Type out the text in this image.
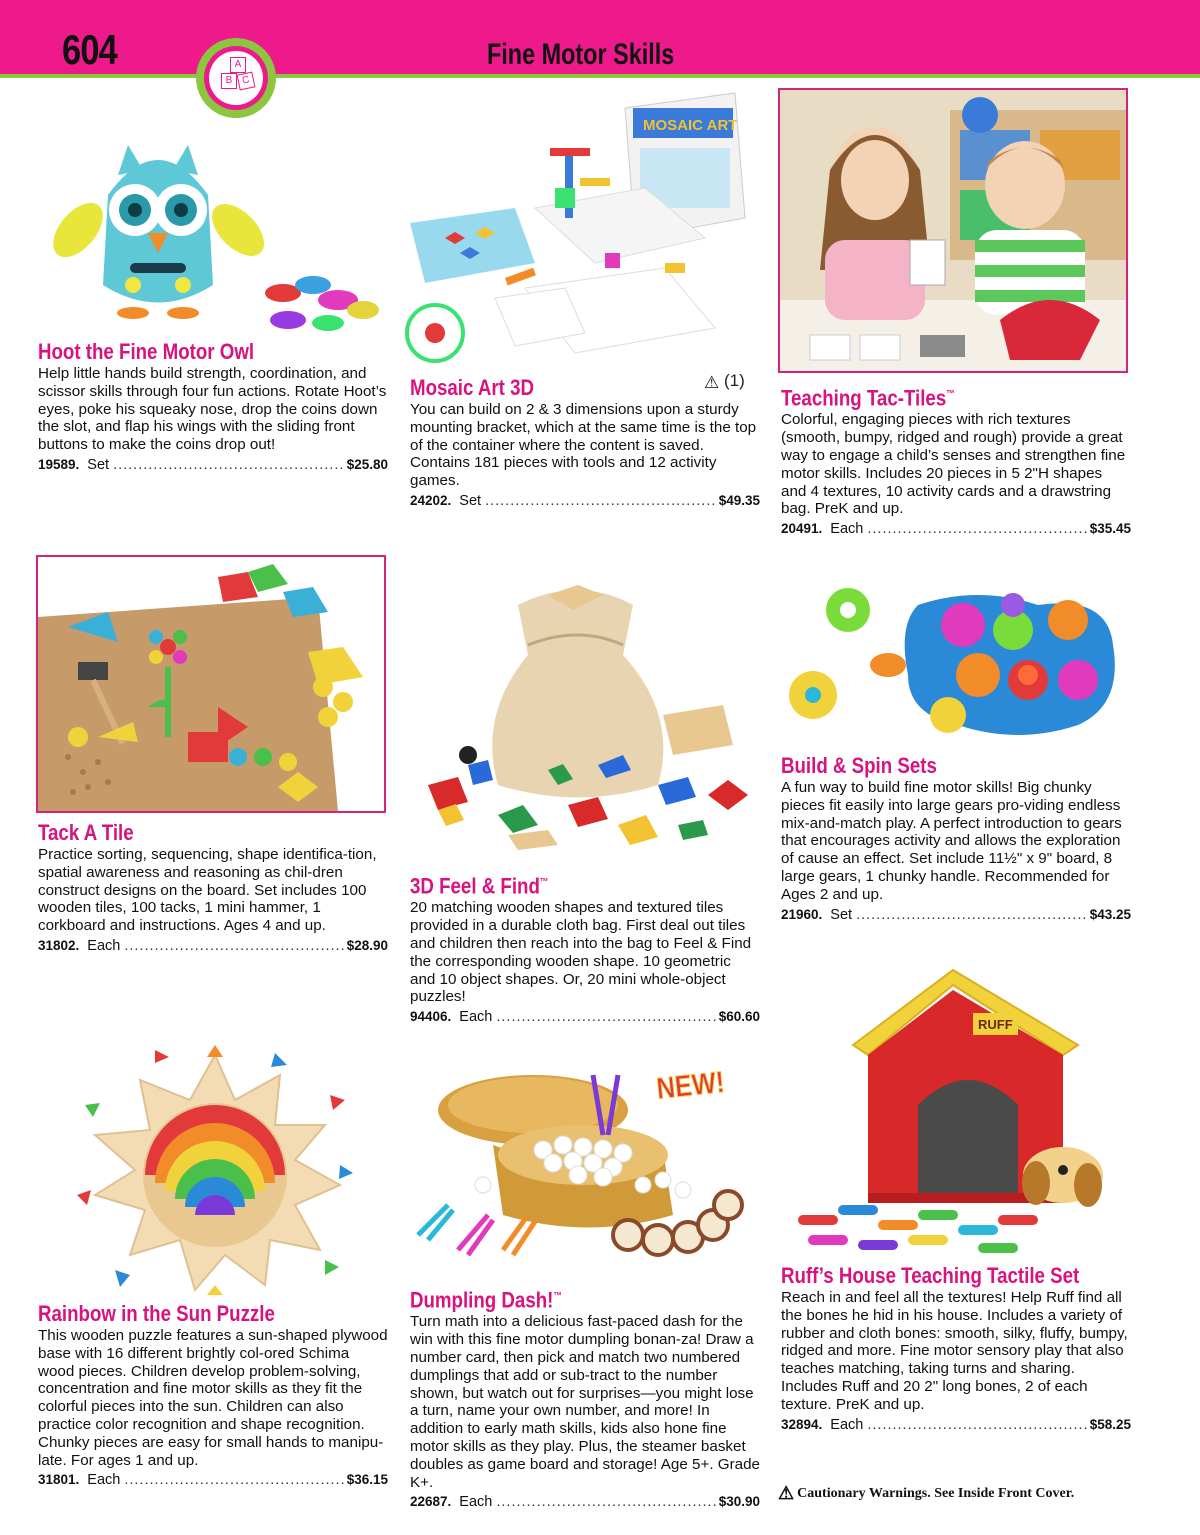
604	Fine Motor Skills
A
B C
Hoot the Fine Motor Owl
Help little hands build strength, coordination, and scissor skills through four fun actions. Rotate Hoot’s eyes, poke his squeaky nose, drop the coins down the slot, and flap his wings with the sliding front buttons to make the coins drop out!
19589. Set .....	$25.80
MOSAIC ART
⚠ (1)
Mosaic Art 3D
You can build on 2 & 3 dimensions upon a sturdy mounting bracket, which at the same time is the top of the container where the content is saved. Contains 181 pieces with tools and 12 activity games.
24202. Set .....	$49.35
Teaching Tac-Tiles™
Colorful, engaging pieces with rich textures (smooth, bumpy, ridged and rough) provide a great way to engage a child’s senses and strengthen fine motor skills. Includes 20 pieces in 5 2"H shapes and 4 textures, 10 activity cards and a drawstring bag. PreK and up.
20491. Each .....	$35.45
Tack A Tile
Practice sorting, sequencing, shape identifica-tion, spatial awareness and reasoning as chil-dren construct designs on the board. Set includes 100 wooden tiles, 100 tacks, 1 mini hammer, 1 corkboard and instructions. Ages 4 and up.
31802. Each .....	$28.90
3D Feel & Find™
20 matching wooden shapes and textured tiles provided in a durable cloth bag. First deal out tiles and children then reach into the bag to Feel & Find the corresponding wooden shape. 10 geometric and 10 object shapes. Or, 20 mini whole-object puzzles!
94406. Each .....	$60.60
Build & Spin Sets
A fun way to build fine motor skills! Big chunky pieces fit easily into large gears pro-viding endless mix-and-match play. A perfect introduction to gears that encourages activity and allows the exploration of cause an effect. Set include 11½" x 9" board, 8 large gears, 1 chunky handle. Recommended for Ages 2 and up.
21960. Set .....	$43.25
Rainbow in the Sun Puzzle
This wooden puzzle features a sun-shaped plywood base with 16 different brightly col-ored Schima wood pieces. Children develop problem-solving, concentration and fine motor skills as they fit the colorful pieces into the sun. Children can also practice color recognition and shape recognition. Chunky pieces are easy for small hands to manipu-late. For ages 1 and up.
31801. Each .....	$36.15
NEW!
Dumpling Dash!™
Turn math into a delicious fast-paced dash for the win with this fine motor dumpling bonan-za! Draw a number card, then pick and match two numbered dumplings that add or sub-tract to the number shown, but watch out for surprises—you might lose a turn, name your own number, and more! In addition to early math skills, kids also hone fine motor skills as they play. Plus, the steamer basket doubles as game board and storage! Age 5+. Grade K+.
22687. Each .....	$30.90
RUFF
Ruff’s House Teaching Tactile Set
Reach in and feel all the textures! Help Ruff find all the bones he hid in his house. Includes a variety of rubber and cloth bones: smooth, silky, fluffy, bumpy, ridged and more. Fine motor sensory play that also teaches matching, taking turns and sharing. Includes Ruff and 20 2" long bones, 2 of each texture. PreK and up.
32894. Each .....	$58.25
⚠ Cautionary Warnings. See Inside Front Cover.
